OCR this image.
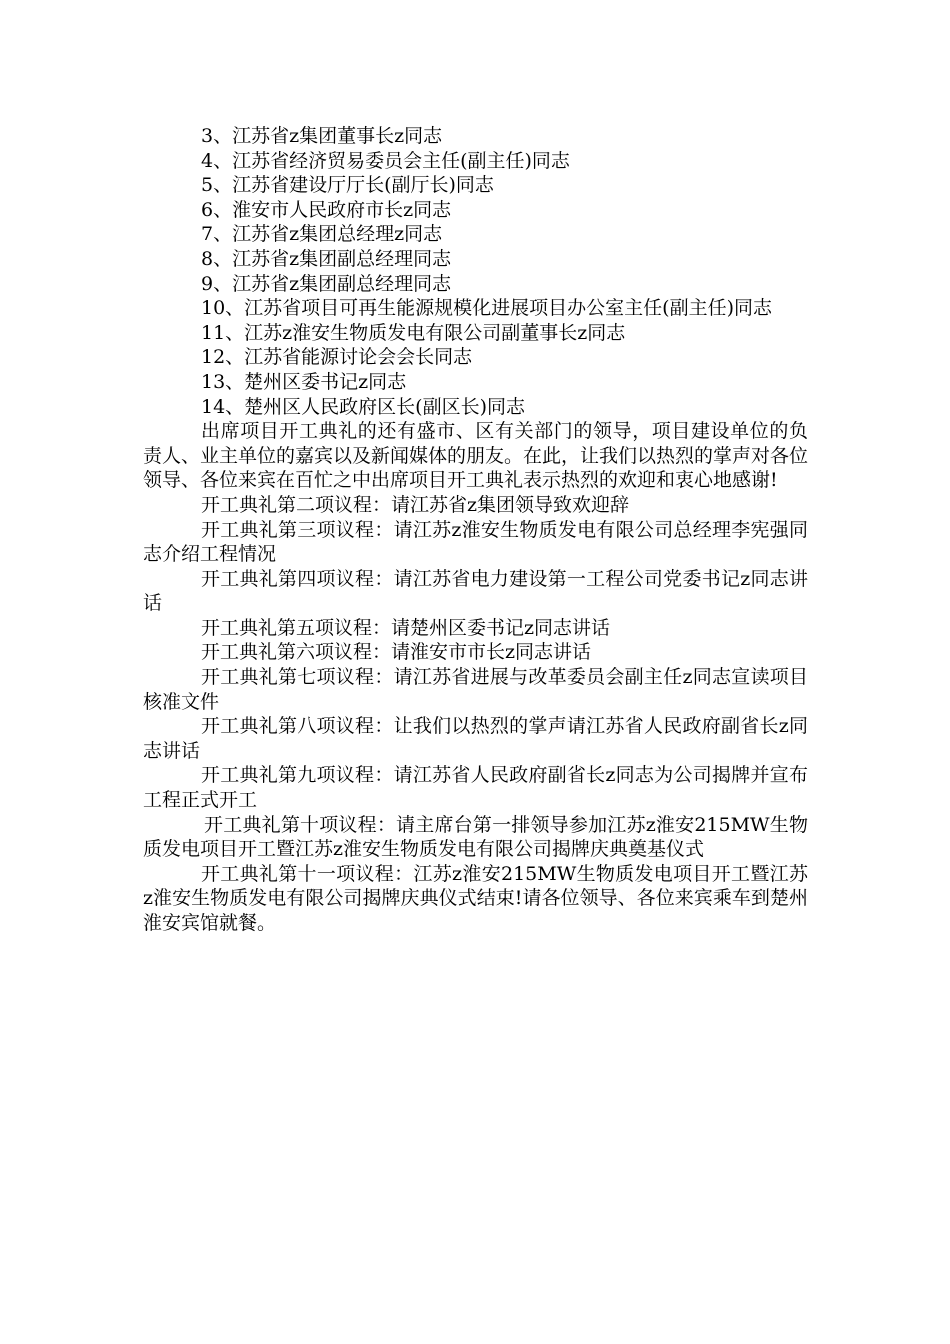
3、江苏省z集团董事长z同志

4、江苏省经济贸易委员会主任(副主任)同志

5、江苏省建设厅厅长(副厅长)同志

6、淮安市人民政府市长z同志

7、江苏省z集团总经理z同志

8、江苏省z集团副总经理同志

9、江苏省z集团副总经理同志

10、江苏省项目可再生能源规模化进展项目办公室主任(副主任)同志

11、江苏z淮安生物质发电有限公司副董事长z同志

12、江苏省能源讨论会会长同志

13、楚州区委书记z同志

14、楚州区人民政府区长(副区长)同志

出席项目开工典礼的还有盛市、区有关部门的领导，项目建设单位的负责人、业主单位的嘉宾以及新闻媒体的朋友。在此，让我们以热烈的掌声对各位领导、各位来宾在百忙之中出席项目开工典礼表示热烈的欢迎和衷心地感谢!

开工典礼第二项议程：请江苏省z集团领导致欢迎辞

开工典礼第三项议程：请江苏z淮安生物质发电有限公司总经理李宪强同志介绍工程情况

开工典礼第四项议程：请江苏省电力建设第一工程公司党委书记z同志讲话

开工典礼第五项议程：请楚州区委书记z同志讲话

开工典礼第六项议程：请淮安市市长z同志讲话

开工典礼第七项议程：请江苏省进展与改革委员会副主任z同志宣读项目核准文件

开工典礼第八项议程：让我们以热烈的掌声请江苏省人民政府副省长z同志讲话

开工典礼第九项议程：请江苏省人民政府副省长z同志为公司揭牌并宣布工程正式开工

开工典礼第十项议程：请主席台第一排领导参加江苏z淮安215MW生物质发电项目开工暨江苏z淮安生物质发电有限公司揭牌庆典奠基仪式

开工典礼第十一项议程：江苏z淮安215MW生物质发电项目开工暨江苏z淮安生物质发电有限公司揭牌庆典仪式结束!请各位领导、各位来宾乘车到楚州淮安宾馆就餐。
